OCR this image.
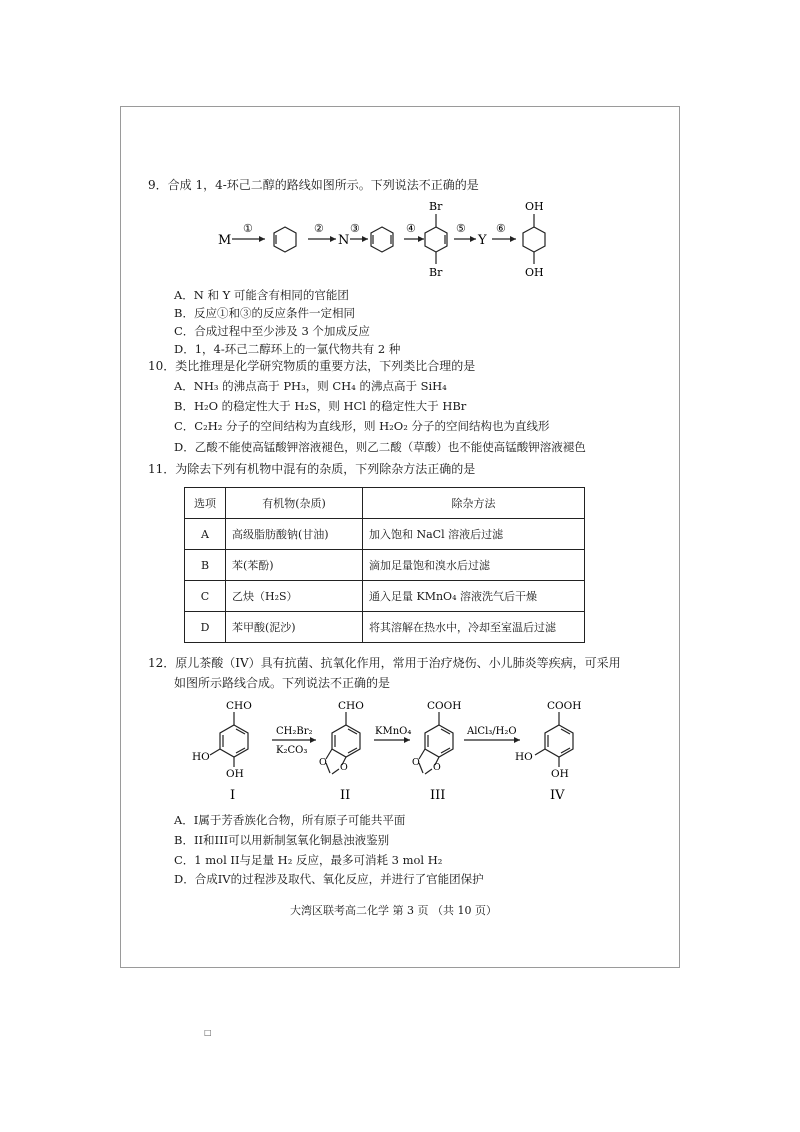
9．合成 1，4-环己二醇的路线如图所示。下列说法不正确的是
M
①	②
N
③	④
Br
Br
⑤
Y
⑥
OH
OH
A．N 和 Y 可能含有相同的官能团
B．反应①和③的反应条件一定相同
C．合成过程中至少涉及 3 个加成反应
D．1，4-环己二醇环上的一氯代物共有 2 种
10．类比推理是化学研究物质的重要方法，下列类比合理的是
A．NH₃ 的沸点高于 PH₃，则 CH₄ 的沸点高于 SiH₄
B．H₂O 的稳定性大于 H₂S，则 HCl 的稳定性大于 HBr
C．C₂H₂ 分子的空间结构为直线形，则 H₂O₂ 分子的空间结构也为直线形
D．乙酸不能使高锰酸钾溶液褪色，则乙二酸（草酸）也不能使高锰酸钾溶液褪色
11．为除去下列有机物中混有的杂质，下列除杂方法正确的是
选项	有机物(杂质)	除杂方法
A	高级脂肪酸钠(甘油)	加入饱和 NaCl 溶液后过滤
B	苯(苯酚)	滴加足量饱和溴水后过滤
C	乙炔（H₂S）	通入足量 KMnO₄ 溶液洗气后干燥
D	苯甲酸(泥沙)	将其溶解在热水中，冷却至室温后过滤
12．原儿茶酸（IV）具有抗菌、抗氧化作用，常用于治疗烧伤、小儿肺炎等疾病，可采用
如图所示路线合成。下列说法不正确的是
CHO
HO
OH
I
CH₂Br₂
K₂CO₃
CHO
O O
II
KMnO₄
COOH
O O
III
AlCl₃/H₂O
COOH
HO
OH
IV
A．I属于芳香族化合物，所有原子可能共平面
B．II和III可以用新制氢氧化铜悬浊液鉴别
C．1 mol II与足量 H₂ 反应，最多可消耗 3 mol H₂
D．合成IV的过程涉及取代、氧化反应，并进行了官能团保护
大湾区联考高二化学 第 3 页 （共 10 页）
□
